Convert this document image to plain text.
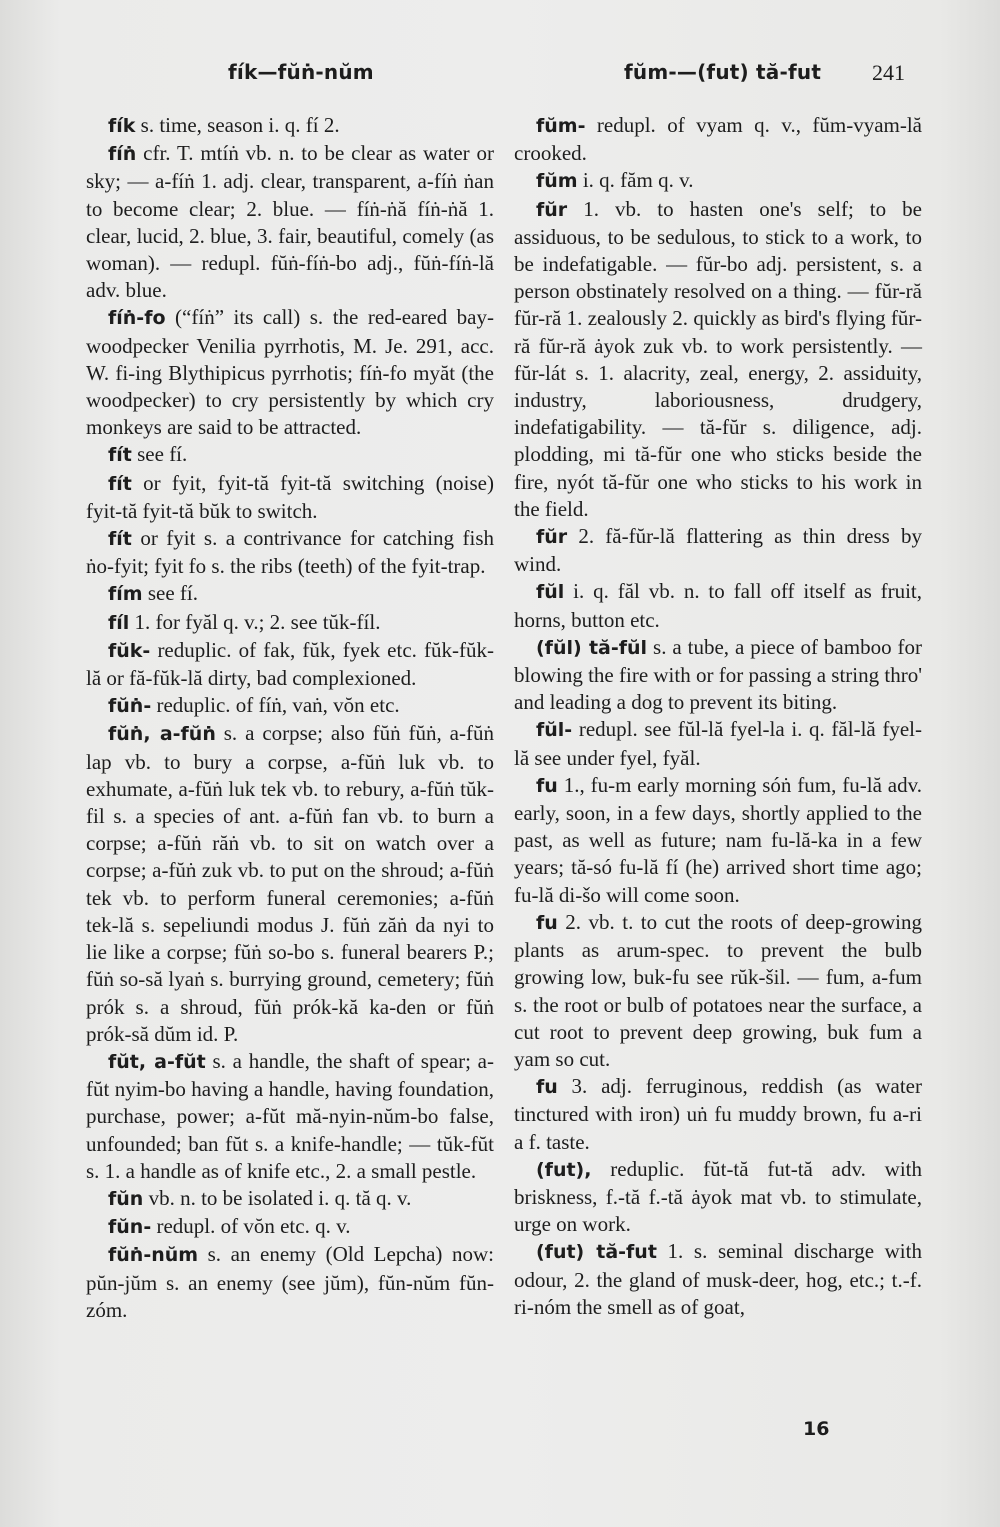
fík—fŭṅ-nŭm	fŭm-—(fut) tă-fut 241
fík s. time, season i. q. fí 2.
fíṅ cfr. T. mtíṅ vb. n. to be clear as water or sky; — a-fíṅ 1. adj. clear, transparent, a-fíṅ ṅan to become clear; 2. blue. — fíṅ-ṅă fíṅ-ṅă 1. clear, lucid, 2. blue, 3. fair, beautiful, comely (as woman). — redupl. fŭṅ-fíṅ-bo adj., fŭṅ-fíṅ-lă adv. blue.
fíṅ-fo (“fíṅ” its call) s. the red-eared bay- woodpecker Venilia pyrrhotis, M. Je. 291, acc. W. fi-ing Blythipicus pyrrhotis; fíṅ-fo myăt (the woodpecker) to cry persistently by which cry monkeys are said to be attracted.
fít see fí.
fít or fyit, fyit-tă fyit-tă switching (noise) fyit-tă fyit-tă bŭk to switch.
fít or fyit s. a contrivance for catching fish ṅo-fyit; fyit fo s. the ribs (teeth) of the fyit-trap.
fím see fí.
fíl 1. for fyăl q. v.; 2. see tŭk-fíl.
fŭk- reduplic. of fak, fŭk, fyek etc. fŭk-fŭk-lă or fă-fŭk-lă dirty, bad complexioned.
fŭṅ- reduplic. of fíṅ, vaṅ, vŏn etc.
fŭṅ, a-fŭṅ s. a corpse; also fŭṅ fŭṅ, a-fŭṅ lap vb. to bury a corpse, a-fŭṅ luk vb. to exhumate, a-fŭṅ luk tek vb. to rebury, a-fŭṅ tŭk-fil s. a species of ant. a-fŭṅ fan vb. to burn a corpse; a-fŭṅ răṅ vb. to sit on watch over a corpse; a-fŭṅ zuk vb. to put on the shroud; a-fŭṅ tek vb. to perform funeral ceremonies; a-fŭṅ tek-lă s. sepeliundi modus J. fŭṅ zăṅ da nyi to lie like a corpse; fŭṅ so-bo s. funeral bearers P.; fŭṅ so-să lyaṅ s. burrying ground, cemetery; fŭṅ prók s. a shroud, fŭṅ prók-kă ka-den or fŭṅ prók-să dŭm id. P.
fŭt, a-fŭt s. a handle, the shaft of spear; a-fŭt nyim-bo having a handle, having foundation, purchase, power; a-fŭt mă-nyin-nŭm-bo false, unfounded; ban fŭt s. a knife-handle; — tŭk-fŭt s. 1. a handle as of knife etc., 2. a small pestle.
fŭn vb. n. to be isolated i. q. tă q. v.
fŭn- redupl. of vŏn etc. q. v.
fŭṅ-nŭm s. an enemy (Old Lepcha) now: pŭn-jŭm s. an enemy (see jŭm), fŭn-nŭm fŭn-zóm.
fŭm- redupl. of vyam q. v., fŭm-vyam-lă crooked.
fŭm i. q. făm q. v.
fŭr 1. vb. to hasten one's self; to be assiduous, to be sedulous, to stick to a work, to be indefatigable. — fŭr-bo adj. persistent, s. a person obstinately resolved on a thing. — fŭr-ră fŭr-ră 1. zealously 2. quickly as bird's flying fŭr-ră fŭr-ră ȧyok zuk vb. to work persistently. — fŭr-lát s. 1. alacrity, zeal, energy, 2. assiduity, industry, laboriousness, drudgery, indefatigability. — tă-fŭr s. diligence, adj. plodding, mi tă-fŭr one who sticks beside the fire, nyót tă-fŭr one who sticks to his work in the field.
fŭr 2. fă-fŭr-lă flattering as thin dress by wind.
fŭl i. q. făl vb. n. to fall off itself as fruit, horns, button etc.
(fŭl) tă-fŭl s. a tube, a piece of bamboo for blowing the fire with or for passing a string thro' and leading a dog to prevent its biting.
fŭl- redupl. see fŭl-lă fyel-la i. q. făl-lă fyel-lă see under fyel, fyăl.
fu 1., fu-m early morning sóṅ fum, fu-lă adv. early, soon, in a few days, shortly applied to the past, as well as future; nam fu-lă-ka in a few years; tă-só fu-lă fí (he) arrived short time ago; fu-lă di-šo will come soon.
fu 2. vb. t. to cut the roots of deep-growing plants as arum-spec. to prevent the bulb growing low, buk-fu see rŭk-šil. — fum, a-fum s. the root or bulb of potatoes near the surface, a cut root to prevent deep growing, buk fum a yam so cut.
fu 3. adj. ferruginous, reddish (as water tinctured with iron) uṅ fu muddy brown, fu a-ri a f. taste.
(fut), reduplic. fŭt-tă fut-tă adv. with briskness, f.-tă f.-tă ȧyok mat vb. to stimulate, urge on work.
(fut) tă-fut 1. s. seminal discharge with odour, 2. the gland of musk-deer, hog, etc.; t.-f. ri-nóm the smell as of goat,
16
